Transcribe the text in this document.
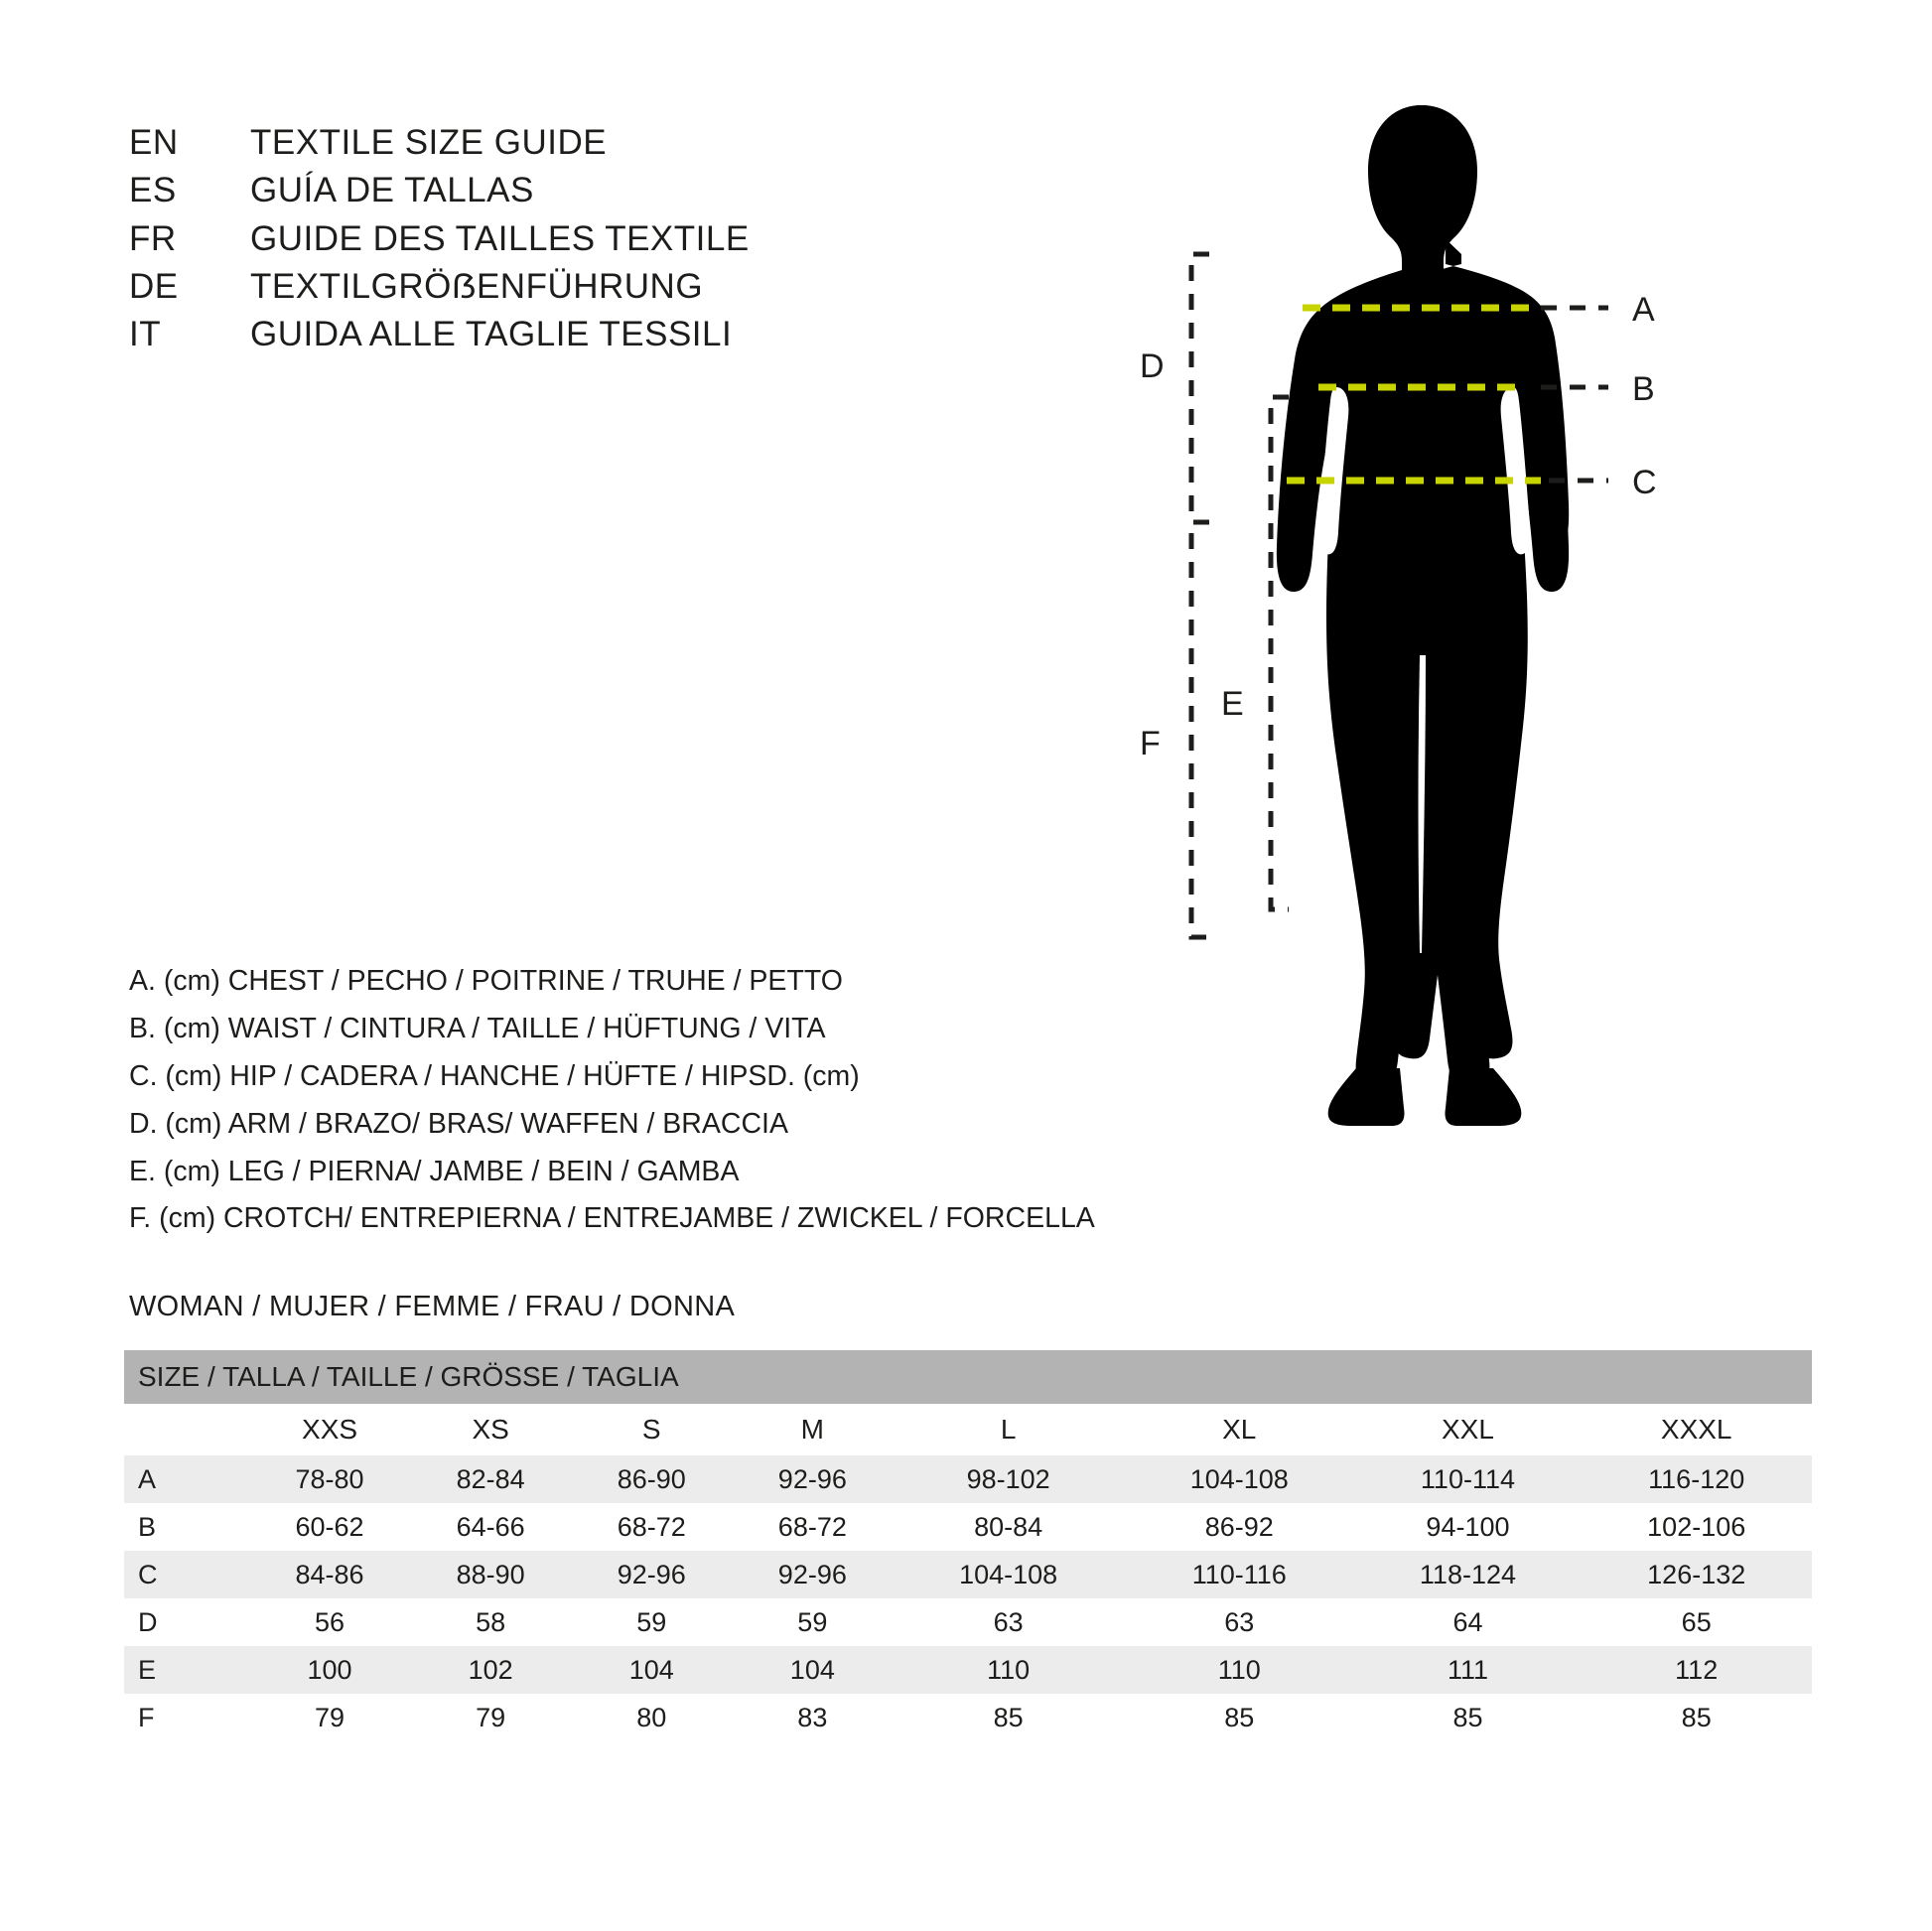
EN	TEXTILE SIZE GUIDE
ES	GUÍA DE TALLAS
FR	GUIDE DES TAILLES TEXTILE
DE	TEXTILGRÖẞENFÜHRUNG
IT	GUIDA ALLE TAGLIE TESSILI
A
B
C
D
F
E
A. (cm) CHEST / PECHO / POITRINE / TRUHE / PETTO
B. (cm) WAIST / CINTURA / TAILLE / HÜFTUNG / VITA
C. (cm) HIP / CADERA / HANCHE / HÜFTE / HIPSD. (cm)
D. (cm) ARM / BRAZO/ BRAS/ WAFFEN / BRACCIA
E. (cm) LEG / PIERNA/ JAMBE / BEIN / GAMBA
F. (cm) CROTCH/ ENTREPIERNA / ENTREJAMBE / ZWICKEL / FORCELLA
WOMAN / MUJER / FEMME / FRAU / DONNA
SIZE / TALLA / TAILLE / GRÖSSE / TAGLIA								
	XXS	XS	S	M	L	XL	XXL	XXXL
A	78-80	82-84	86-90	92-96	98-102	104-108	110-114	116-120
B	60-62	64-66	68-72	68-72	80-84	86-92	94-100	102-106
C	84-86	88-90	92-96	92-96	104-108	110-116	118-124	126-132
D	56	58	59	59	63	63	64	65
E	100	102	104	104	110	110	111	112
F	79	79	80	83	85	85	85	85
